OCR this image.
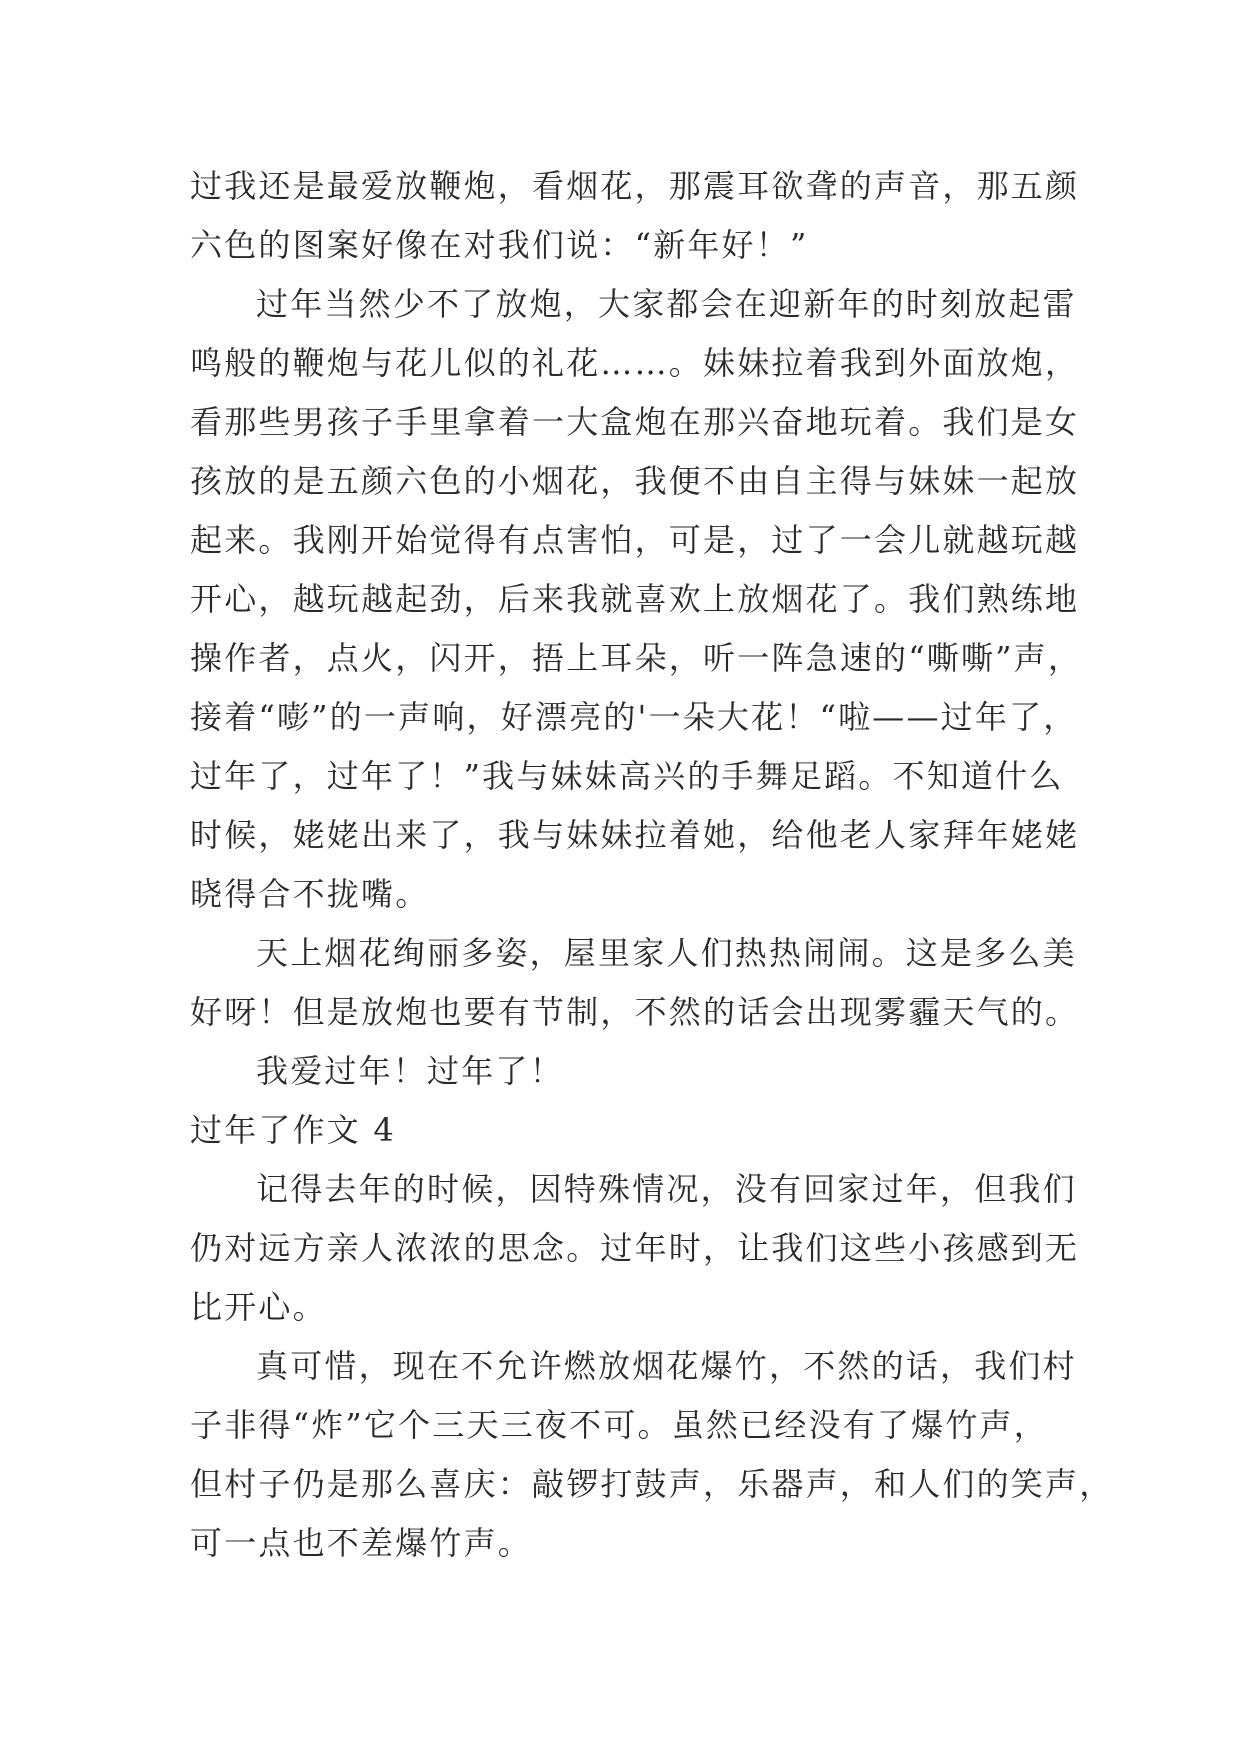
过我还是最爱放鞭炮，看烟花，那震耳欲聋的声音，那五颜
六色的图案好像在对我们说：“新年好！”
过年当然少不了放炮，大家都会在迎新年的时刻放起雷
鸣般的鞭炮与花儿似的礼花……。妹妹拉着我到外面放炮，
看那些男孩子手里拿着一大盒炮在那兴奋地玩着。我们是女
孩放的是五颜六色的小烟花，我便不由自主得与妹妹一起放
起来。我刚开始觉得有点害怕，可是，过了一会儿就越玩越
开心，越玩越起劲，后来我就喜欢上放烟花了。我们熟练地
操作者，点火，闪开，捂上耳朵，听一阵急速的“嘶嘶”声，
接着“嘭”的一声响，好漂亮的'一朵大花！“啦——过年了，
过年了，过年了！”我与妹妹高兴的手舞足蹈。不知道什么
时候，姥姥出来了，我与妹妹拉着她，给他老人家拜年姥姥
晓得合不拢嘴。
天上烟花绚丽多姿，屋里家人们热热闹闹。这是多么美
好呀！但是放炮也要有节制，不然的话会出现雾霾天气的。
我爱过年！过年了！
过年了作文 4
记得去年的时候，因特殊情况，没有回家过年，但我们
仍对远方亲人浓浓的思念。过年时，让我们这些小孩感到无
比开心。
真可惜，现在不允许燃放烟花爆竹，不然的话，我们村
子非得“炸”它个三天三夜不可。虽然已经没有了爆竹声，
但村子仍是那么喜庆：敲锣打鼓声，乐器声，和人们的笑声，
可一点也不差爆竹声。
